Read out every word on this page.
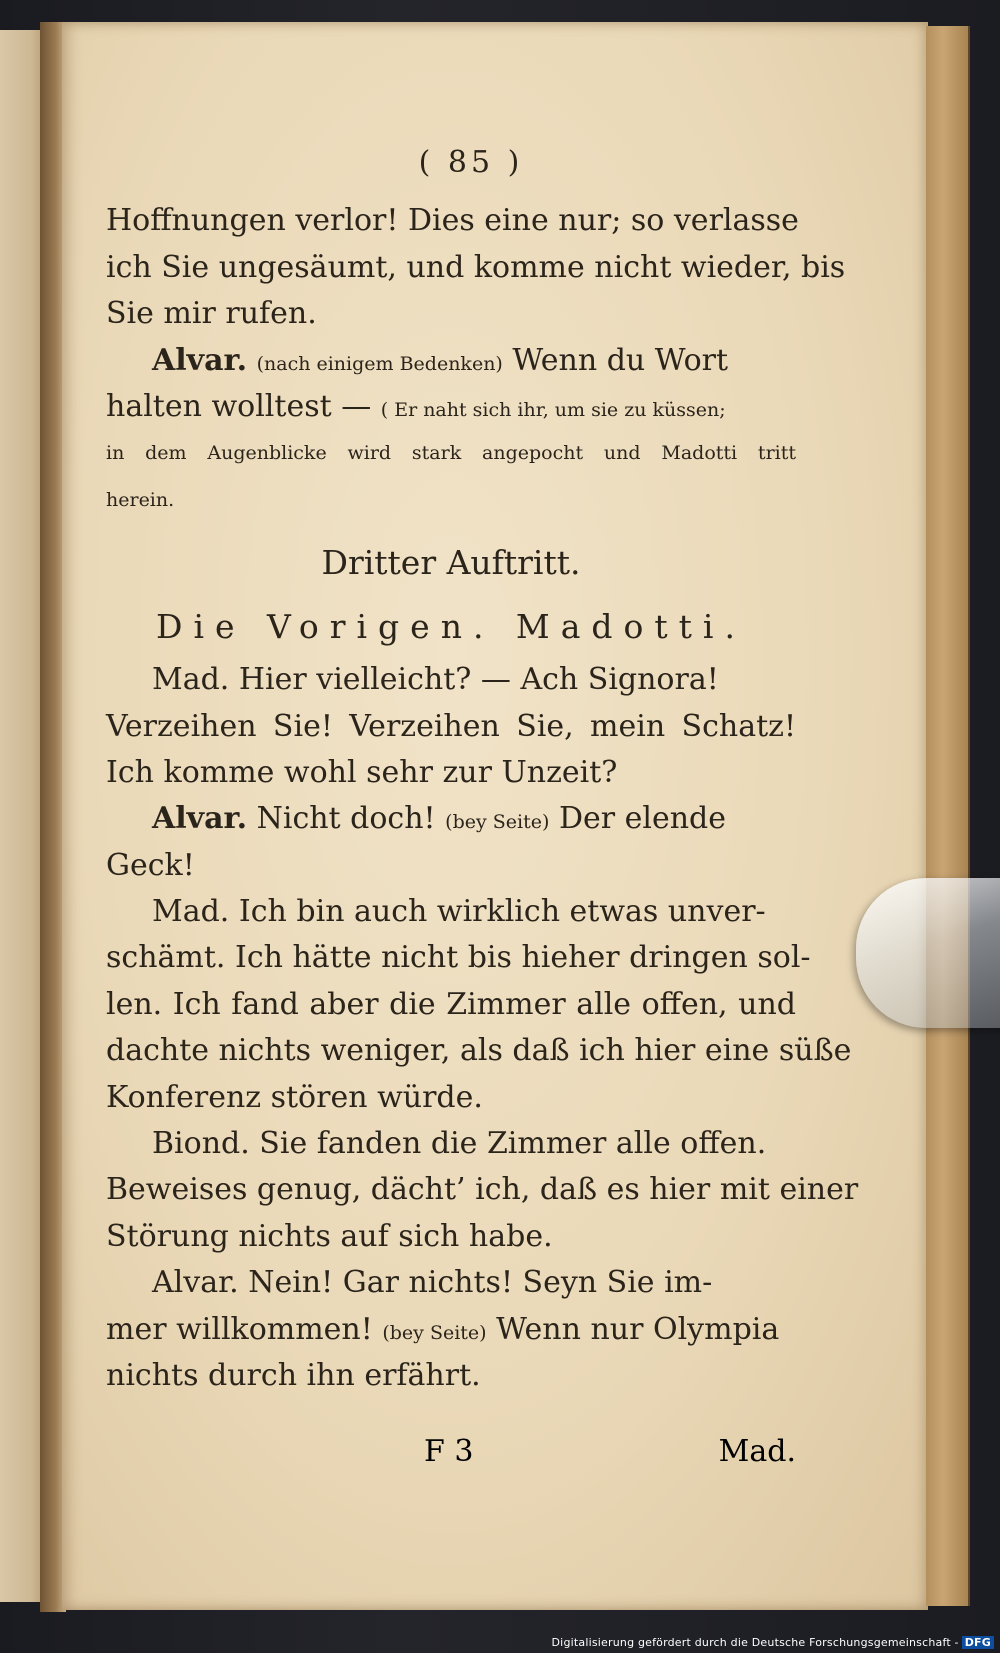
( 85 )
Hoffnungen verlor! Dies eine nur; so verlasse
ich Sie ungesäumt, und komme nicht wieder, bis
Sie mir rufen.
Alvar. (nach einigem Bedenken) Wenn du Wort
halten wolltest — ( Er naht sich ihr, um sie zu küssen;
in dem Augenblicke wird stark angepocht und Madotti tritt
herein.
Dritter Auftritt.
Die Vorigen. Madotti.
Mad. Hier vielleicht? — Ach Signora!
Verzeihen Sie! Verzeihen Sie, mein Schatz!
Ich komme wohl sehr zur Unzeit?
Alvar. Nicht doch! (bey Seite) Der elende
Geck!
Mad. Ich bin auch wirklich etwas unver-
schämt. Ich hätte nicht bis hieher dringen sol-
len. Ich fand aber die Zimmer alle offen, und
dachte nichts weniger, als daß ich hier eine süße
Konferenz stören würde.
Biond. Sie fanden die Zimmer alle offen.
Beweises genug, dächt’ ich, daß es hier mit einer
Störung nichts auf sich habe.
Alvar. Nein! Gar nichts! Seyn Sie im-
mer willkommen! (bey Seite) Wenn nur Olympia
nichts durch ihn erfährt.
F 3	Mad.
Digitalisierung gefördert durch die Deutsche Forschungsgemeinschaft - DFG
